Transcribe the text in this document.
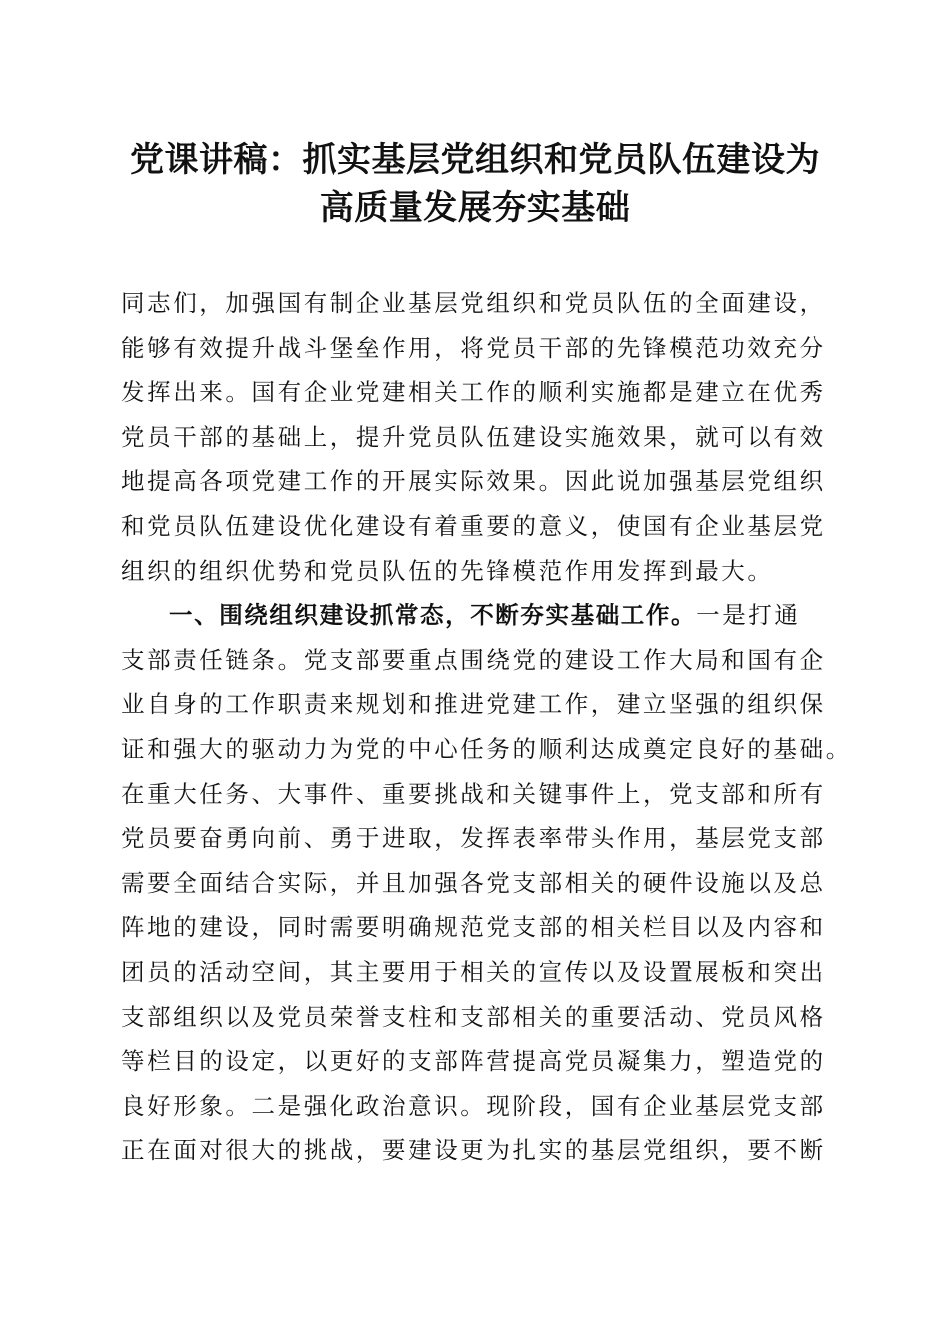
党课讲稿：抓实基层党组织和党员队伍建设为
高质量发展夯实基础
同志们，加强国有制企业基层党组织和党员队伍的全面建设，
能够有效提升战斗堡垒作用，将党员干部的先锋模范功效充分
发挥出来。国有企业党建相关工作的顺利实施都是建立在优秀
党员干部的基础上，提升党员队伍建设实施效果，就可以有效
地提高各项党建工作的开展实际效果。因此说加强基层党组织
和党员队伍建设优化建设有着重要的意义，使国有企业基层党
组织的组织优势和党员队伍的先锋模范作用发挥到最大。
一、围绕组织建设抓常态，不断夯实基础工作。一是打通
支部责任链条。党支部要重点围绕党的建设工作大局和国有企
业自身的工作职责来规划和推进党建工作，建立坚强的组织保
证和强大的驱动力为党的中心任务的顺利达成奠定良好的基础。
在重大任务、大事件、重要挑战和关键事件上，党支部和所有
党员要奋勇向前、勇于进取，发挥表率带头作用，基层党支部
需要全面结合实际，并且加强各党支部相关的硬件设施以及总
阵地的建设，同时需要明确规范党支部的相关栏目以及内容和
团员的活动空间，其主要用于相关的宣传以及设置展板和突出
支部组织以及党员荣誉支柱和支部相关的重要活动、党员风格
等栏目的设定，以更好的支部阵营提高党员凝集力，塑造党的
良好形象。二是强化政治意识。现阶段，国有企业基层党支部
正在面对很大的挑战，要建设更为扎实的基层党组织，要不断
